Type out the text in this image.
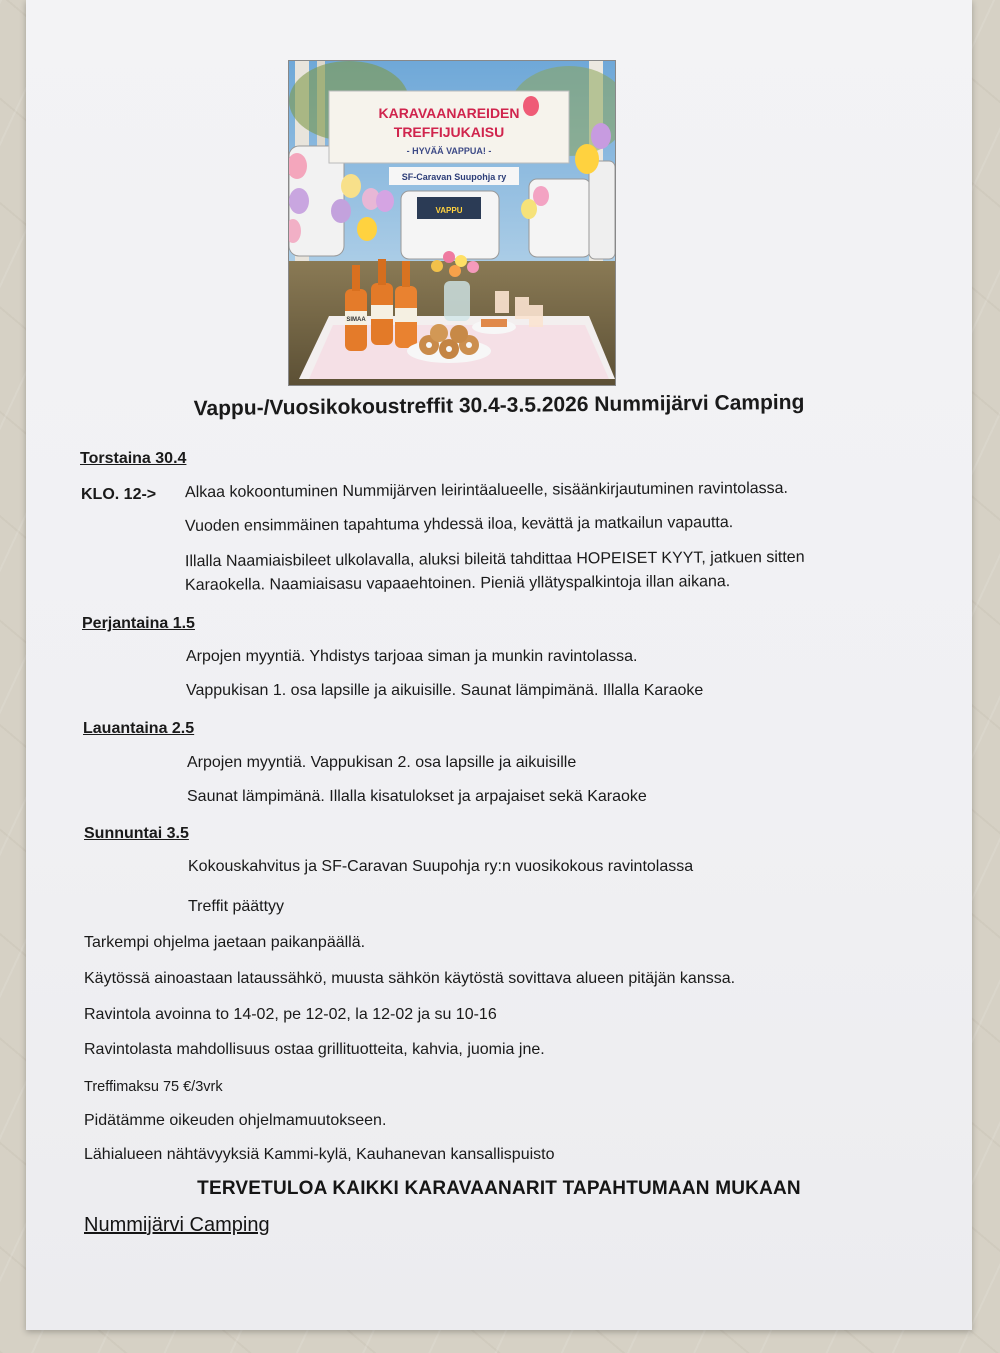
VAPPU
KARAVAANAREIDEN
TREFFIJUKAISU
- HYVÄÄ VAPPUA! -
SF-Caravan Suupohja ry
SIMAA
Vappu-/Vuosikokoustreffit 30.4-3.5.2026 Nummijärvi Camping
Torstaina 30.4
KLO. 12-> Alkaa kokoontuminen Nummijärven leirintäalueelle, sisäänkirjautuminen ravintolassa.
Vuoden ensimmäinen tapahtuma yhdessä iloa, kevättä ja matkailun vapautta.
Illalla Naamiaisbileet ulkolavalla, aluksi bileitä tahdittaa HOPEISET KYYT, jatkuen sitten
Karaokella. Naamiaisasu vapaaehtoinen. Pieniä yllätyspalkintoja illan aikana.
Perjantaina 1.5
Arpojen myyntiä. Yhdistys tarjoaa siman ja munkin ravintolassa.
Vappukisan 1. osa lapsille ja aikuisille. Saunat lämpimänä. Illalla Karaoke
Lauantaina 2.5
Arpojen myyntiä. Vappukisan 2. osa lapsille ja aikuisille
Saunat lämpimänä. Illalla kisatulokset ja arpajaiset sekä Karaoke
Sunnuntai 3.5
Kokouskahvitus ja SF-Caravan Suupohja ry:n vuosikokous ravintolassa
Treffit päättyy
Tarkempi ohjelma jaetaan paikanpäällä.
Käytössä ainoastaan lataussähkö, muusta sähkön käytöstä sovittava alueen pitäjän kanssa.
Ravintola avoinna to 14-02, pe 12-02, la 12-02 ja su 10-16
Ravintolasta mahdollisuus ostaa grillituotteita, kahvia, juomia jne.
Treffimaksu 75 €/3vrk
Pidätämme oikeuden ohjelmamuutokseen.
Lähialueen nähtävyyksiä Kammi-kylä, Kauhanevan kansallispuisto
TERVETULOA KAIKKI KARAVAANARIT TAPAHTUMAAN MUKAAN
Nummijärvi Camping
